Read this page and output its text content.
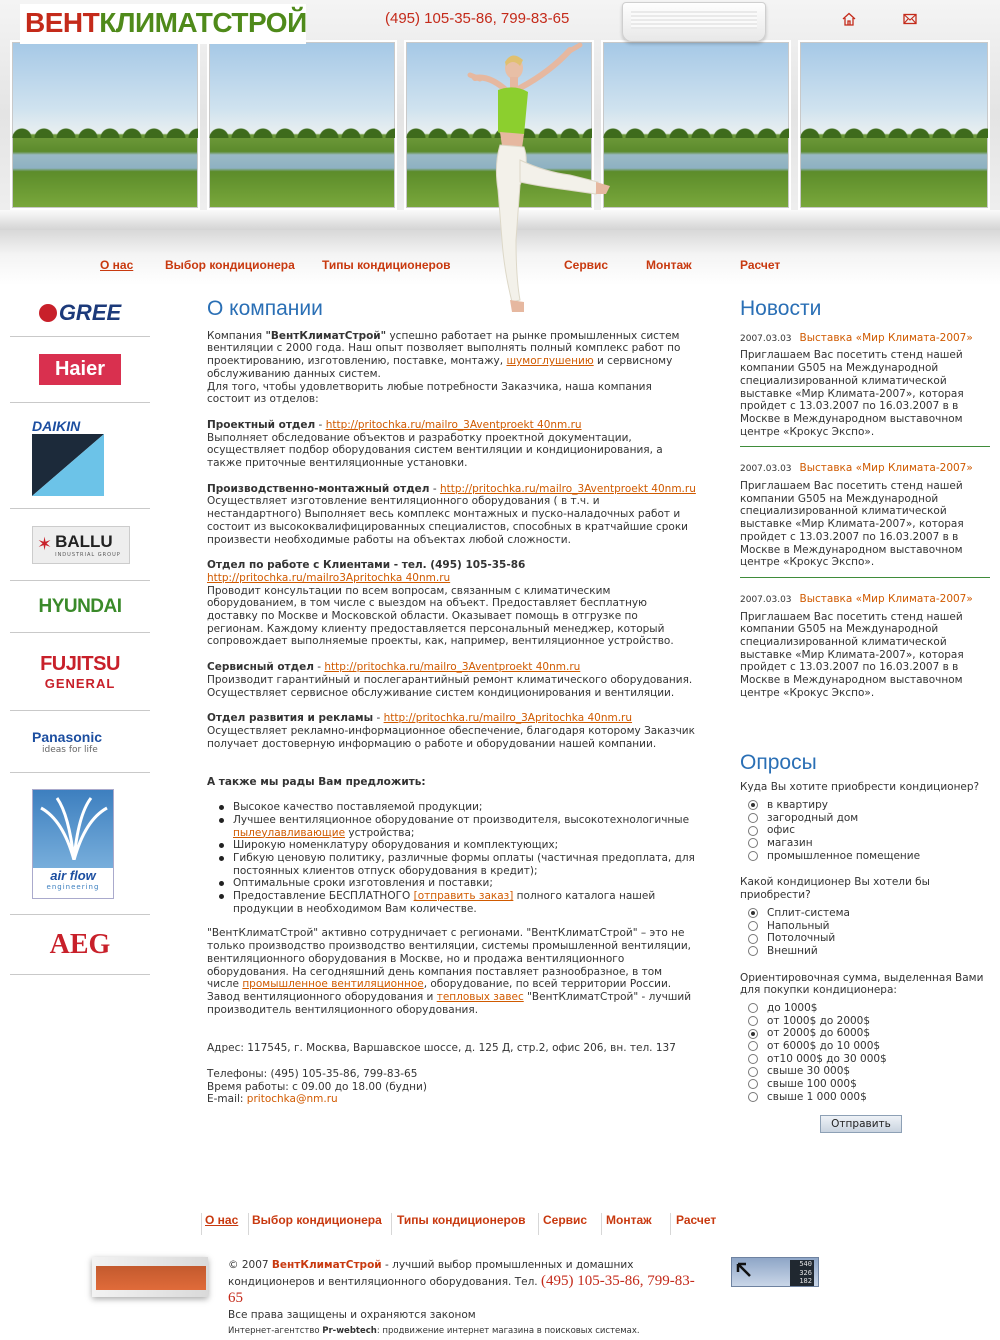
ВЕНТКЛИМАТСТРОЙ	(495) 105-35-86, 799-83-65
О нас	Выбор кондиционера Типы кондиционеров	Сервис	Монтаж	Расчет
GREE
Haier
DAIKIN
✶ BALLU
INDUSTRIAL GROUP
HYUNDAI
FUJITSU
GENERAL
Panasonic
ideas for life
air flow
engineering
AEG
О компании

Компания "ВентКлиматСтрой" успешно работает на рынке промышленных систем вентиляции с 2000 года. Наш опыт позволяет выполнять полный комплекс работ по проектированию, изготовлению, поставке, монтажу, шумоглушению и сервисному обслуживанию данных систем.

Для того, чтобы удовлетворить любые потребности Заказчика, наша компания состоит из отделов:

Проектный отдел - http://pritochka.ru/mailro_3Aventproekt 40nm.ru

Выполняет обследование объектов и разработку проектной документации, осуществляет подбор оборудования систем вентиляции и кондиционирования, а также приточные вентиляционные установки.

Производственно-монтажный отдел - http://pritochka.ru/mailro_3Aventproekt 40nm.ru

Осуществляет изготовление вентиляционного оборудования ( в т.ч. и нестандартного) Выполняет весь комплекс монтажных и пуско-наладочных работ и состоит из высококвалифицированных специалистов, способных в кратчайшие сроки произвести необходимые работы на объектах любой сложности.

Отдел по работе с Клиентами - тел. (495) 105-35-86 http://pritochka.ru/mailro3Apritochka 40nm.ru

Проводит консультации по всем вопросам, связанным с климатическим оборудованием, в том числе с выездом на объект. Предоставляет бесплатную доставку по Москве и Московской области. Оказывает помощь в отгрузке по регионам. Каждому клиенту предоставляется персональный менеджер, который сопровождает выполняемые проекты, как, например, вентиляционное устройство.

Сервисный отдел - http://pritochka.ru/mailro_3Aventproekt 40nm.ru

Производит гарантийный и послегарантийный ремонт климатического оборудования. Осуществляет сервисное обслуживание систем кондиционирования и вентиляции.

Отдел развития и рекламы - http://pritochka.ru/mailro_3Apritochka 40nm.ru

Осуществляет рекламно-информационное обеспечение, благодаря которому Заказчик получает достоверную информацию о работе и оборудовании нашей компании.

А также мы рады Вам предложить:

Высокое качество поставляемой продукции;
Лучшее вентиляционное оборудование от производителя, высокотехнологичные пылеулавливающие устройства;
Широкую номенклатуру оборудования и комплектующих;
Гибкую ценовую политику, различные формы оплаты (частичная предоплата, для постоянных клиентов отпуск оборудования в кредит);
Оптимальные сроки изготовления и поставки;
Предоставление БЕСПЛАТНОГО [отправить заказ] полного каталога нашей продукции в необходимом Вам количестве.

"ВентКлиматСтрой" активно сотрудничает с регионами. "ВентКлиматСтрой" – это не только производство производство вентиляции, системы промышленной вентиляции, вентиляционного оборудования в Москве, но и продажа вентиляционного оборудования. На сегодняшний день компания поставляет разнообразное, в том числе промышленное вентиляционное, оборудование, по всей территории России. Завод вентиляционного оборудования и тепловых завес "ВентКлиматСтрой" - лучший производитель вентиляционного оборудования.

Адрес: 117545, г. Москва, Варшавское шоссе, д. 125 Д, стр.2, офис 206, вн. тел. 137

Телефоны: (495) 105-35-86, 799-83-65

Время работы: с 09.00 до 18.00 (будни)

E-mail: pritochka@nm.ru

Новости
2007.03.03 Выставка «Мир Климата-2007»
Приглашаем Вас посетить стенд нашей компании G505 на Международной специализированной климатической выставке «Мир Климата-2007», которая пройдет с 13.03.2007 по 16.03.2007 в в Москве в Международном выставочном центре «Крокус Экспо».
2007.03.03 Выставка «Мир Климата-2007»
Приглашаем Вас посетить стенд нашей компании G505 на Международной специализированной климатической выставке «Мир Климата-2007», которая пройдет с 13.03.2007 по 16.03.2007 в в Москве в Международном выставочном центре «Крокус Экспо».
2007.03.03 Выставка «Мир Климата-2007»
Приглашаем Вас посетить стенд нашей компании G505 на Международной специализированной климатической выставке «Мир Климата-2007», которая пройдет с 13.03.2007 по 16.03.2007 в в Москве в Международном выставочном центре «Крокус Экспо».
Опросы
Куда Вы хотите приобрести кондиционер?
в квартиру
загородный дом
офис
магазин
промышленное помещение
Какой кондиционер Вы хотели бы приобрести?
Сплит-система
Напольный
Потолочный
Внешний
Ориентировочная сумма, выделенная Вами для покупки кондиционера:
до 1000$
от 1000$ до 2000$
от 2000$ до 6000$
от 6000$ до 10 000$
от10 000$ до 30 000$
свыше 30 000$
свыше 100 000$
свыше 1 000 000$
Отправить
О нас Выбор кондиционера Типы кондиционеров Сервис Монтаж Расчет
© 2007 ВентКлиматСтрой - лучший выбор промышленных и домашних кондиционеров и вентиляционного оборудования. Тел. (495) 105-35-86, 799-83-65
Все права защищены и охраняются законом
Интернет-агентство Pr-webtech: продвижение интернет магазина в поисковых системах.
540
326
182
